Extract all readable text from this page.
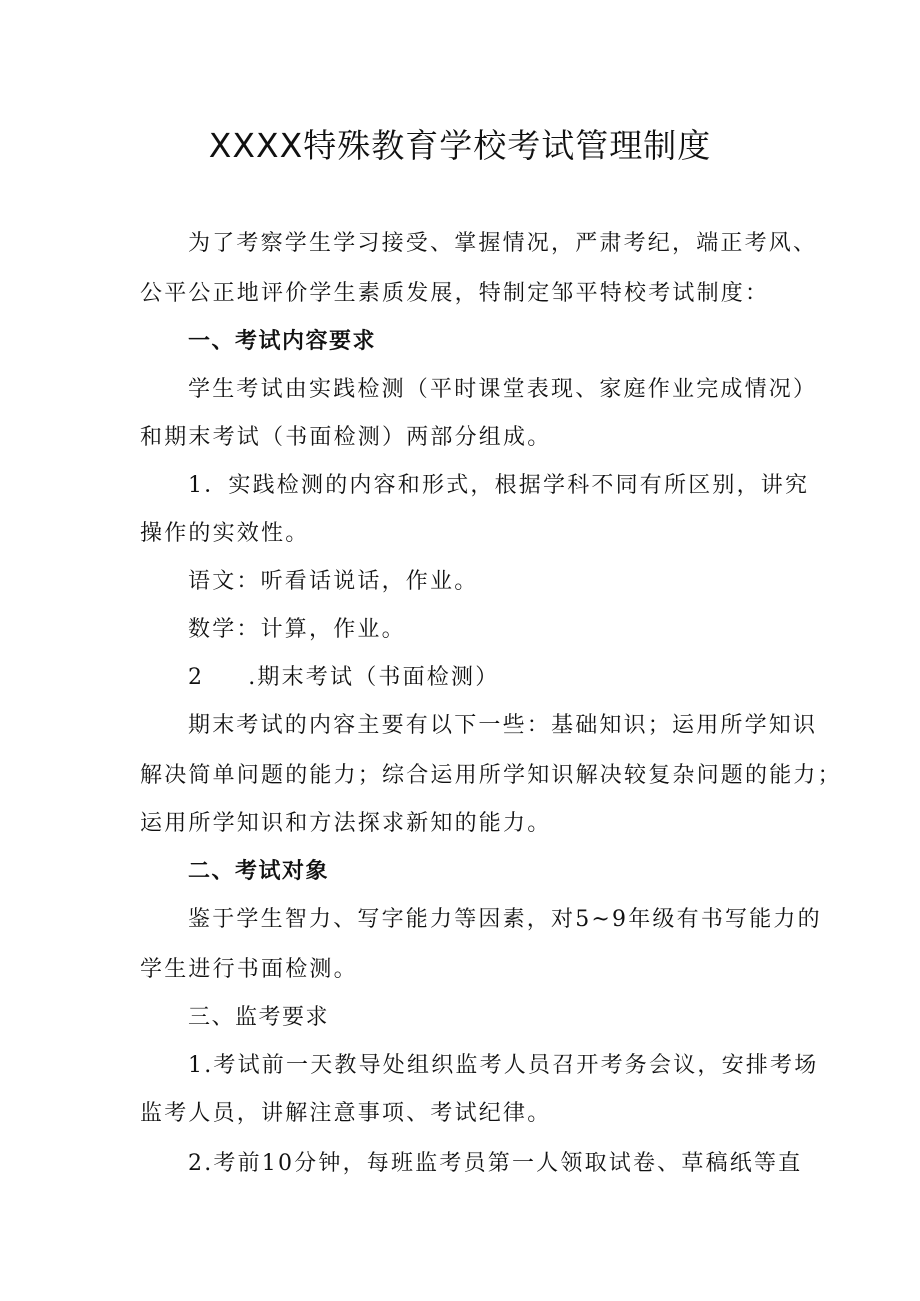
XXXX特殊教育学校考试管理制度

为了考察学生学习接受、掌握情况，严肃考纪，端正考风、

公平公正地评价学生素质发展，特制定邹平特校考试制度：

一、考试内容要求

学生考试由实践检测（平时课堂表现、家庭作业完成情况）

和期末考试（书面检测）两部分组成。

1．实践检测的内容和形式，根据学科不同有所区别，讲究

操作的实效性。

语文：听看话说话，作业。

数学：计算，作业。

2 .期末考试（书面检测）

期末考试的内容主要有以下一些：基础知识；运用所学知识

解决简单问题的能力；综合运用所学知识解决较复杂问题的能力；

运用所学知识和方法探求新知的能力。

二、考试对象

鉴于学生智力、写字能力等因素，对5~9年级有书写能力的

学生进行书面检测。

三、监考要求

1.考试前一天教导处组织监考人员召开考务会议，安排考场

监考人员，讲解注意事项、考试纪律。

2.考前10分钟，每班监考员第一人领取试卷、草稿纸等直
